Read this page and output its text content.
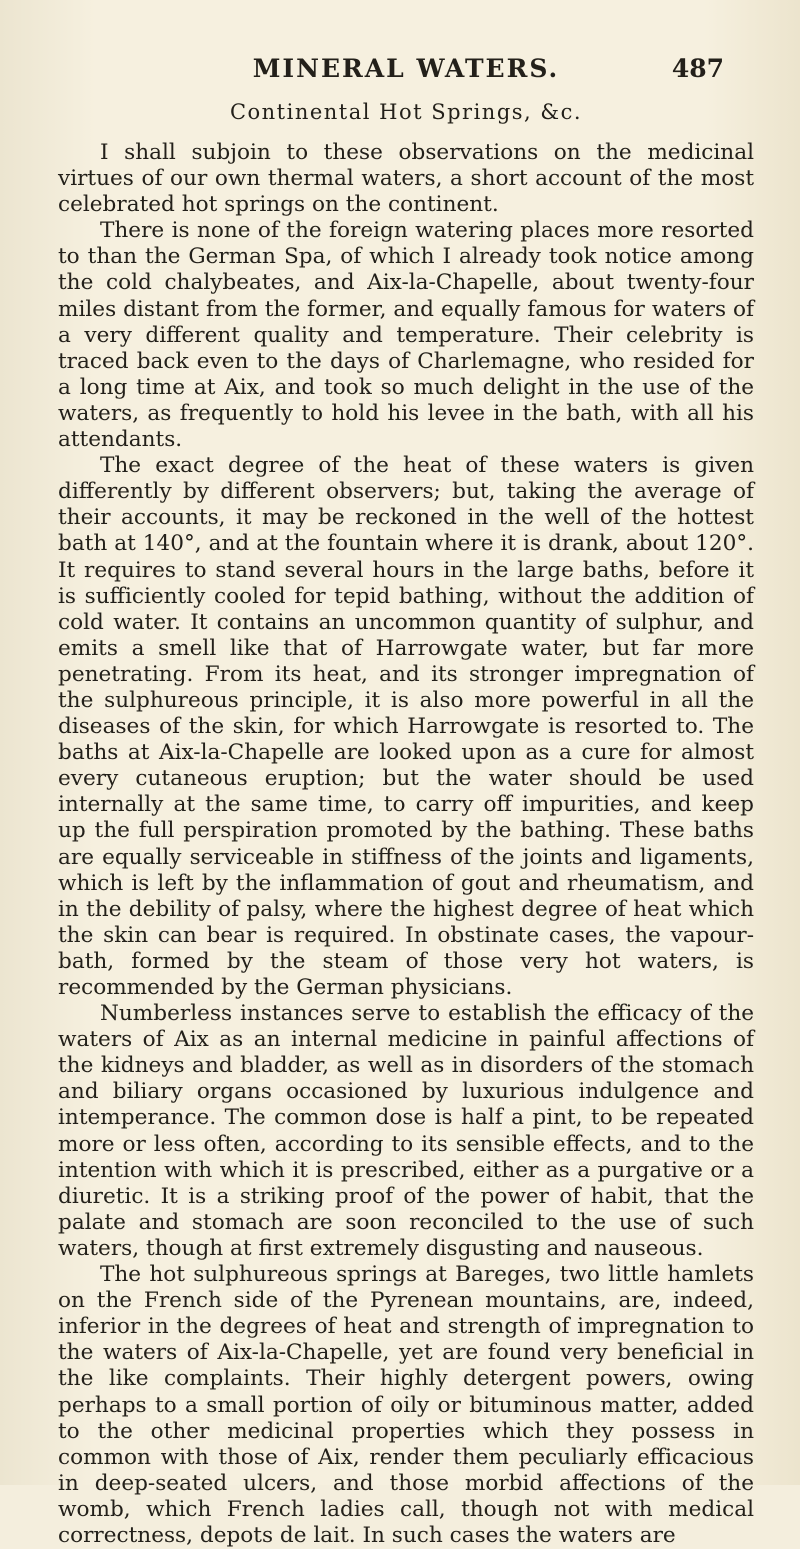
MINERAL WATERS.	487
Continental Hot Springs, &c.

I shall subjoin to these observations on the medicinal virtues of our own thermal waters, a short account of the most celebrated hot springs on the continent.

There is none of the foreign watering places more resorted to than the German Spa, of which I already took notice among the cold chalybeates, and Aix-la-Chapelle, about twenty-four miles distant from the former, and equally famous for waters of a very different quality and temperature. Their celebrity is traced back even to the days of Charlemagne, who resided for a long time at Aix, and took so much delight in the use of the waters, as frequently to hold his levee in the bath, with all his attendants.

The exact degree of the heat of these waters is given differently by different observers; but, taking the average of their accounts, it may be reckoned in the well of the hottest bath at 140°, and at the fountain where it is drank, about 120°. It requires to stand several hours in the large baths, before it is sufficiently cooled for tepid bathing, without the addition of cold water. It contains an uncommon quantity of sulphur, and emits a smell like that of Harrowgate water, but far more penetrating. From its heat, and its stronger impregnation of the sulphureous principle, it is also more powerful in all the diseases of the skin, for which Harrowgate is resorted to. The baths at Aix-la-Chapelle are looked upon as a cure for almost every cutaneous eruption; but the water should be used internally at the same time, to carry off impurities, and keep up the full perspiration promoted by the bathing. These baths are equally serviceable in stiffness of the joints and ligaments, which is left by the inflammation of gout and rheumatism, and in the debility of palsy, where the highest degree of heat which the skin can bear is required. In obstinate cases, the vapour-bath, formed by the steam of those very hot waters, is recommended by the German physicians.

Numberless instances serve to establish the efficacy of the waters of Aix as an internal medicine in painful affections of the kidneys and bladder, as well as in disorders of the stomach and biliary organs occasioned by luxurious indulgence and intemperance. The common dose is half a pint, to be repeated more or less often, according to its sensible effects, and to the intention with which it is prescribed, either as a purgative or a diuretic. It is a striking proof of the power of habit, that the palate and stomach are soon reconciled to the use of such waters, though at first extremely disgusting and nauseous.

The hot sulphureous springs at Bareges, two little hamlets on the French side of the Pyrenean mountains, are, indeed, inferior in the degrees of heat and strength of impregnation to the waters of Aix-la-Chapelle, yet are found very beneficial in the like complaints. Their highly detergent powers, owing perhaps to a small portion of oily or bituminous matter, added to the other medicinal properties which they possess in common with those of Aix, render them peculiarly efficacious in deep-seated ulcers, and those morbid affections of the womb, which French ladies call, though not with medical correctness, depots de lait. In such cases the waters are
